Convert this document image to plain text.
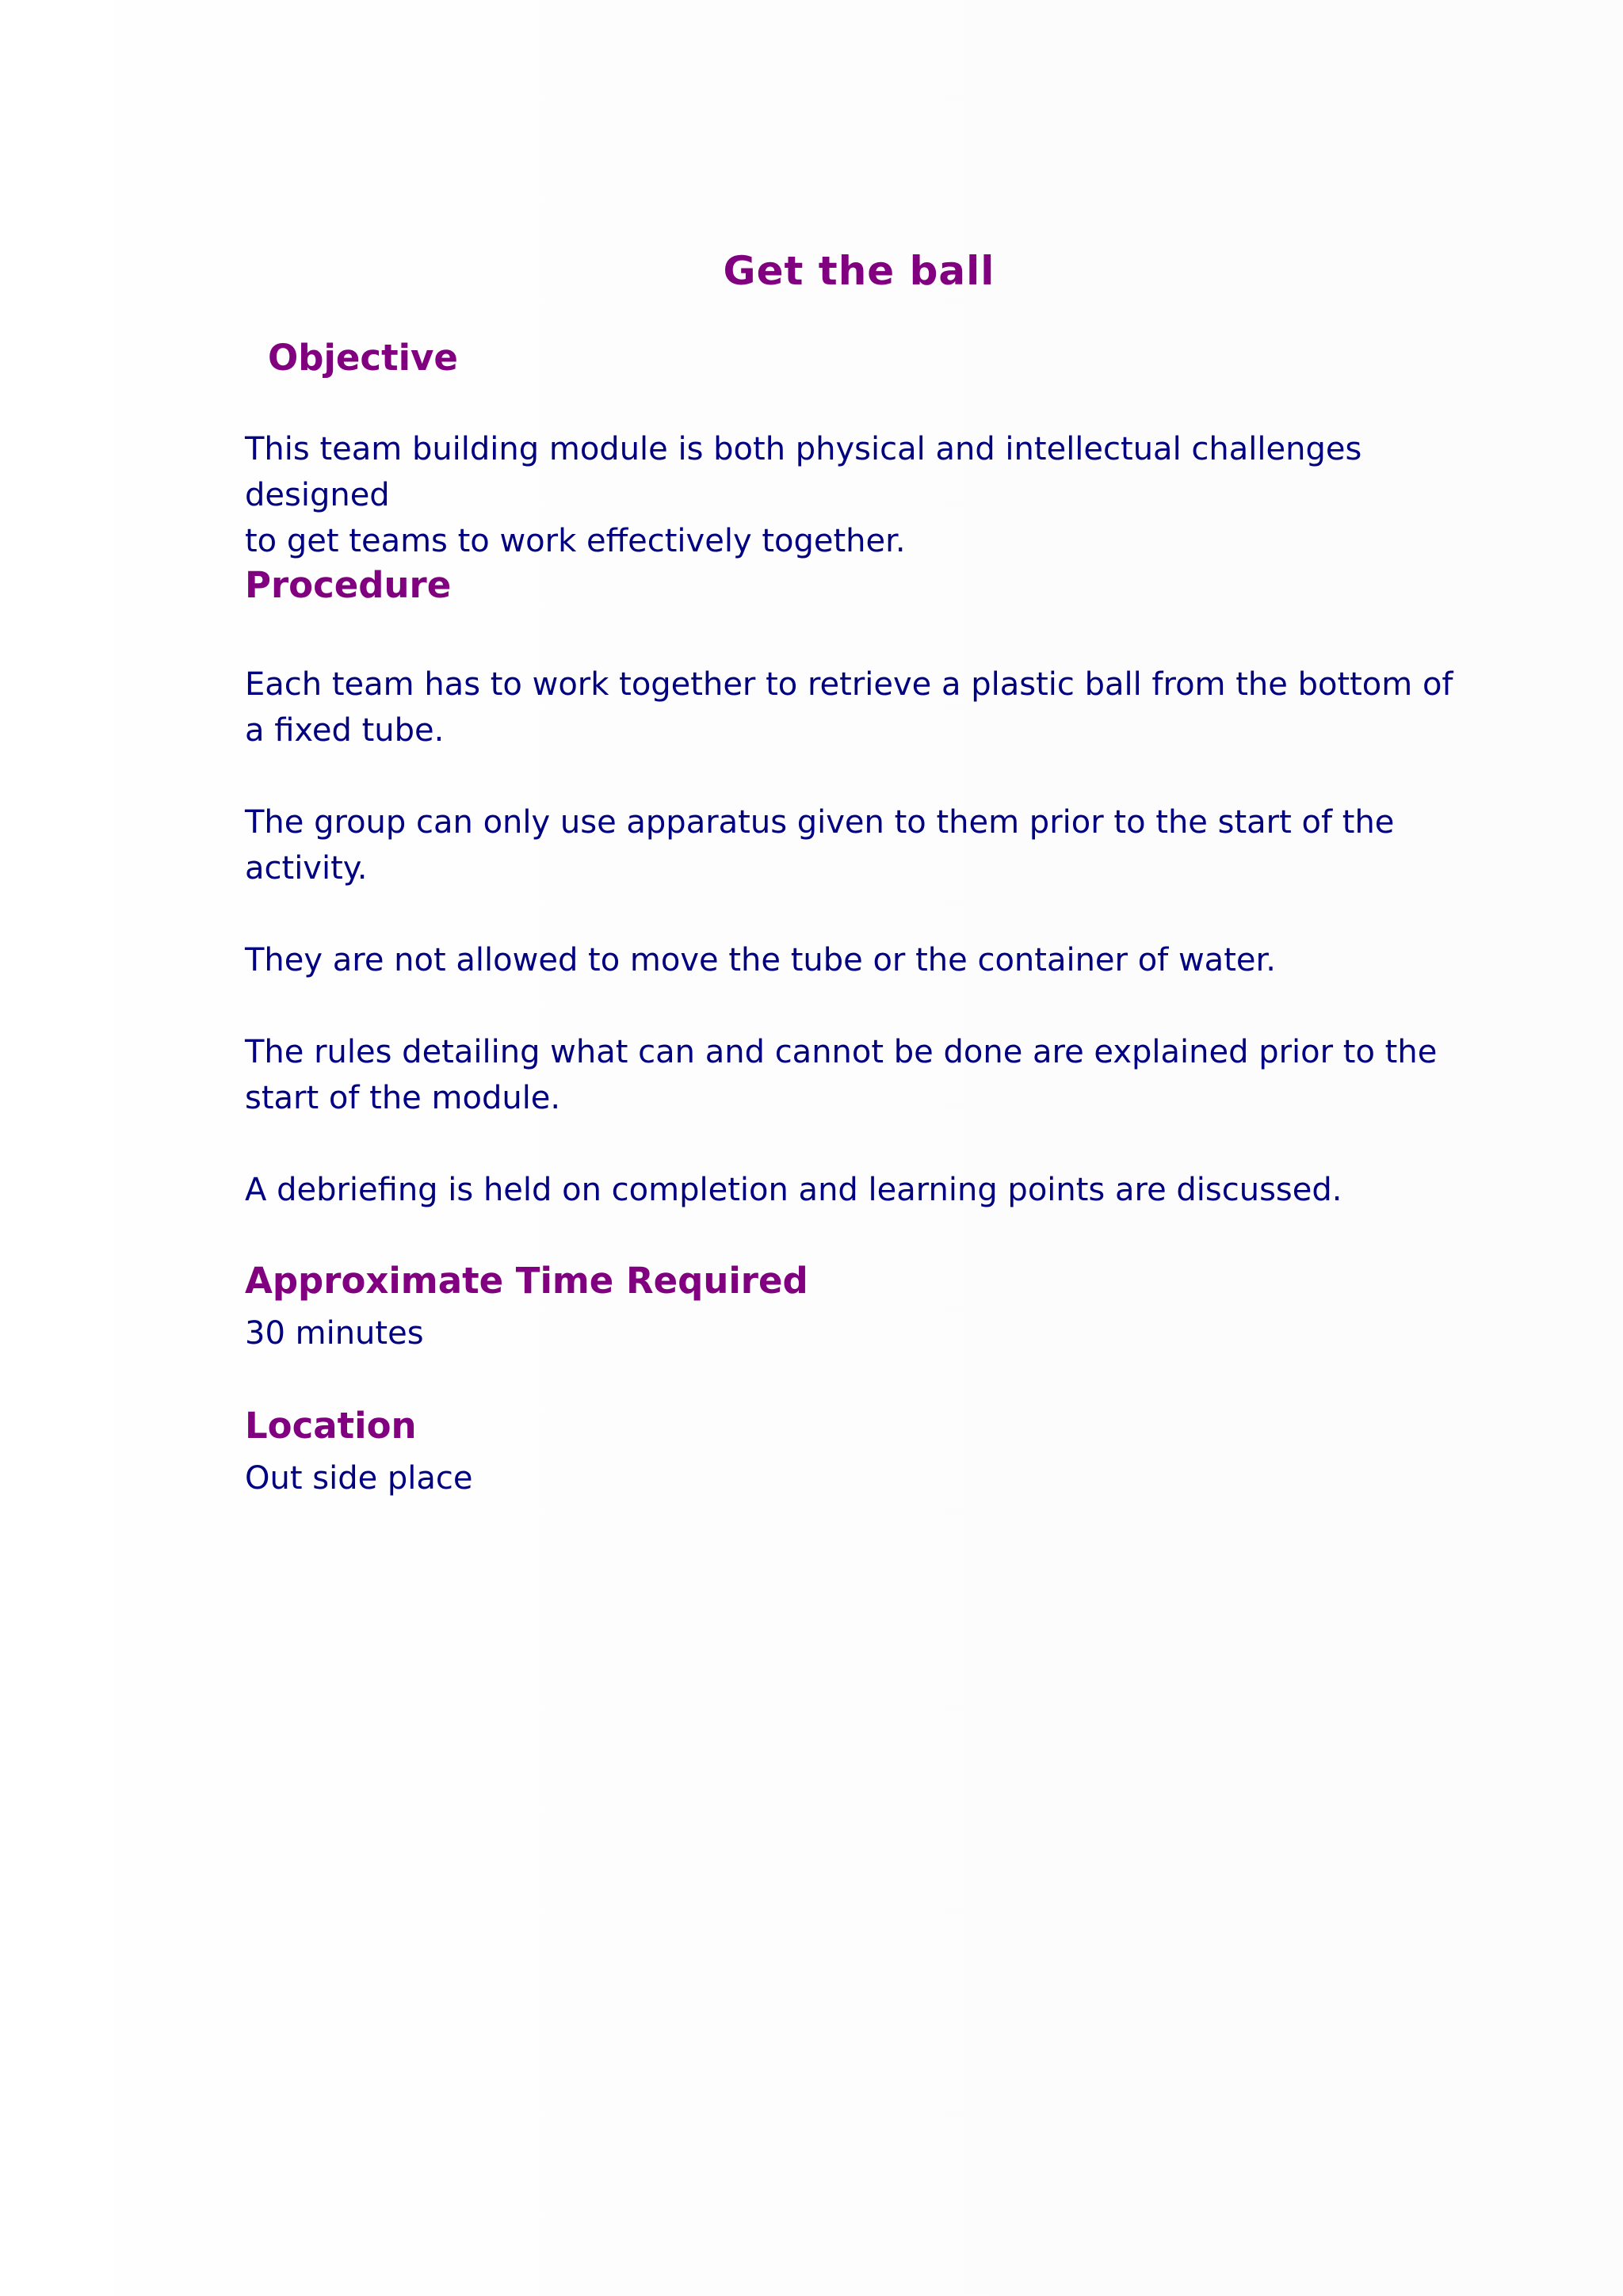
Get the ball
Objective

This team building module is both physical and intellectual challenges designed
to get teams to work effectively together.

Procedure

Each team has to work together to retrieve a plastic ball from the bottom of
a fixed tube.

The group can only use apparatus given to them prior to the start of the
activity.

They are not allowed to move the tube or the container of water.

The rules detailing what can and cannot be done are explained prior to the
start of the module.

A debriefing is held on completion and learning points are discussed.

Approximate Time Required

30 minutes

Location

Out side place
